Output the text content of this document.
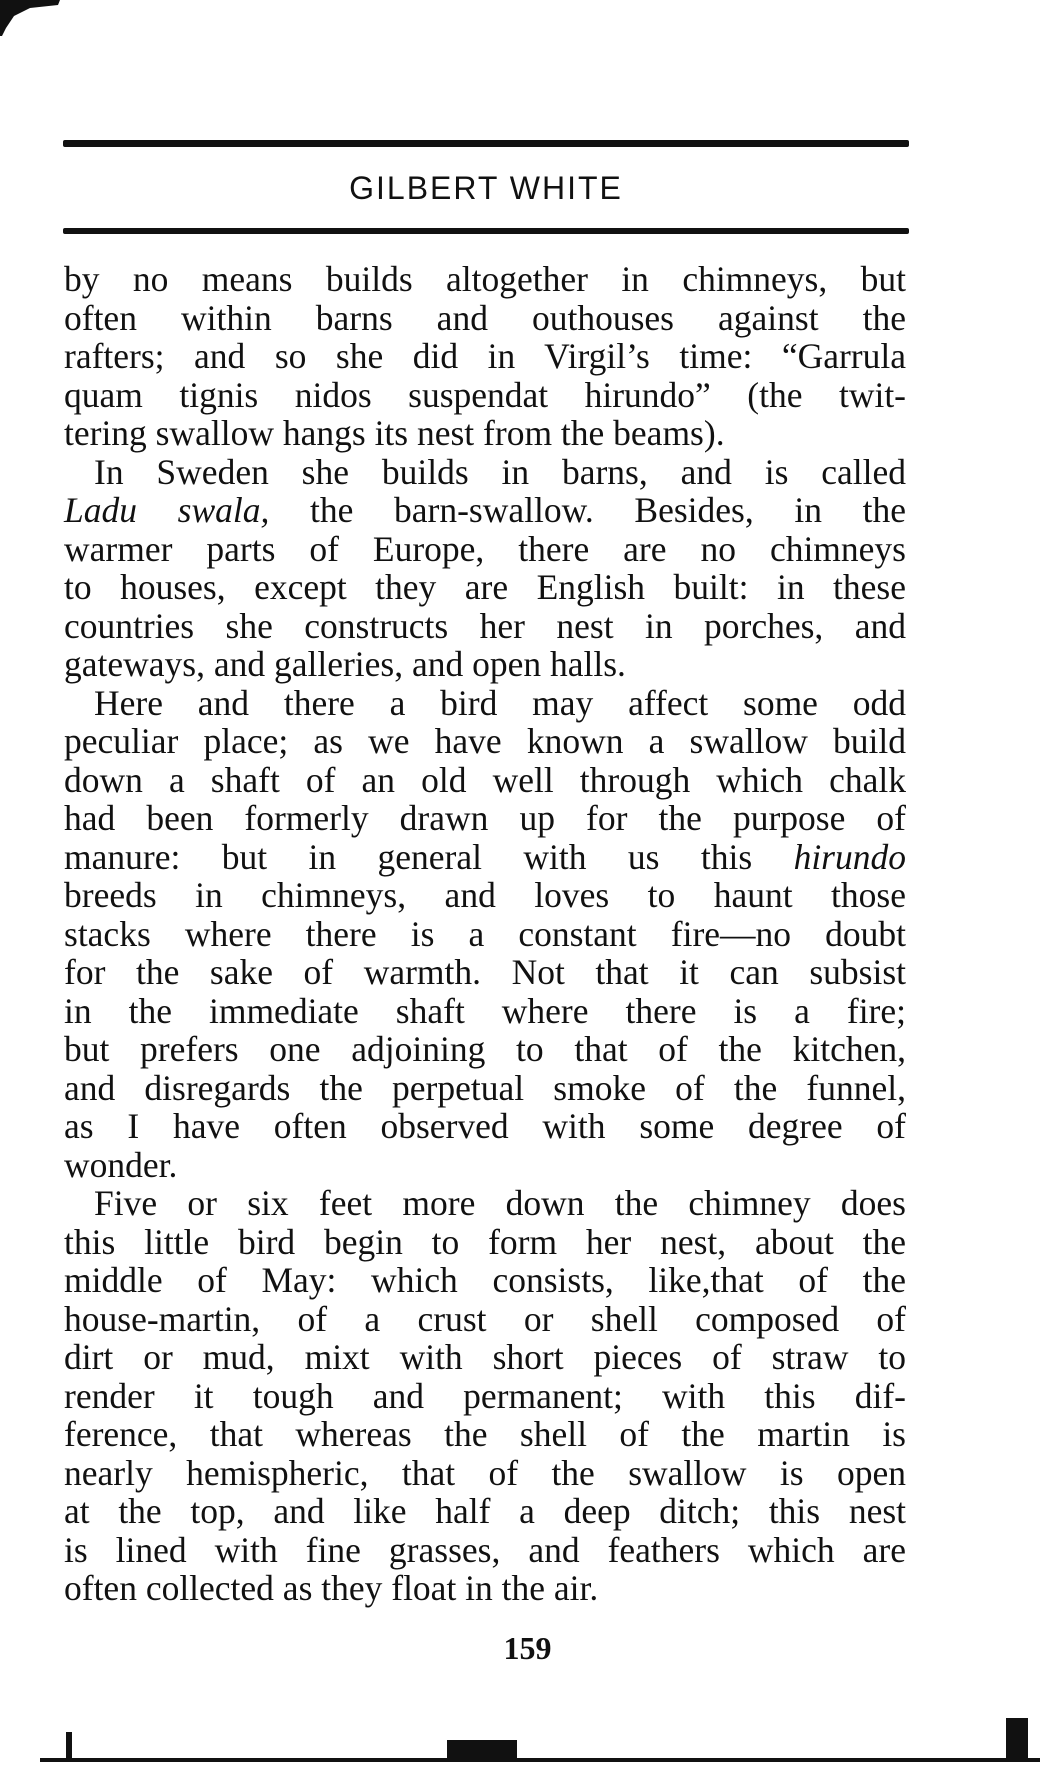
GILBERT WHITE
by no means builds altogether in chimneys, but
often within barns and outhouses against the
rafters; and so she did in Virgil’s time: “Garrula
quam tignis nidos suspendat hirundo” (the twit-
tering swallow hangs its nest from the beams).
In Sweden she builds in barns, and is called
Ladu swala, the barn-swallow. Besides, in the
warmer parts of Europe, there are no chimneys
to houses, except they are English built: in these
countries she constructs her nest in porches, and
gateways, and galleries, and open halls.
Here and there a bird may affect some odd
peculiar place; as we have known a swallow build
down a shaft of an old well through which chalk
had been formerly drawn up for the purpose of
manure: but in general with us this hirundo
breeds in chimneys, and loves to haunt those
stacks where there is a constant fire—no doubt
for the sake of warmth. Not that it can subsist
in the immediate shaft where there is a fire;
but prefers one adjoining to that of the kitchen,
and disregards the perpetual smoke of the funnel,
as I have often observed with some degree of
wonder.
Five or six feet more down the chimney does
this little bird begin to form her nest, about the
middle of May: which consists, like,that of the
house-martin, of a crust or shell composed of
dirt or mud, mixt with short pieces of straw to
render it tough and permanent; with this dif-
ference, that whereas the shell of the martin is
nearly hemispheric, that of the swallow is open
at the top, and like half a deep ditch; this nest
is lined with fine grasses, and feathers which are
often collected as they float in the air.
159
